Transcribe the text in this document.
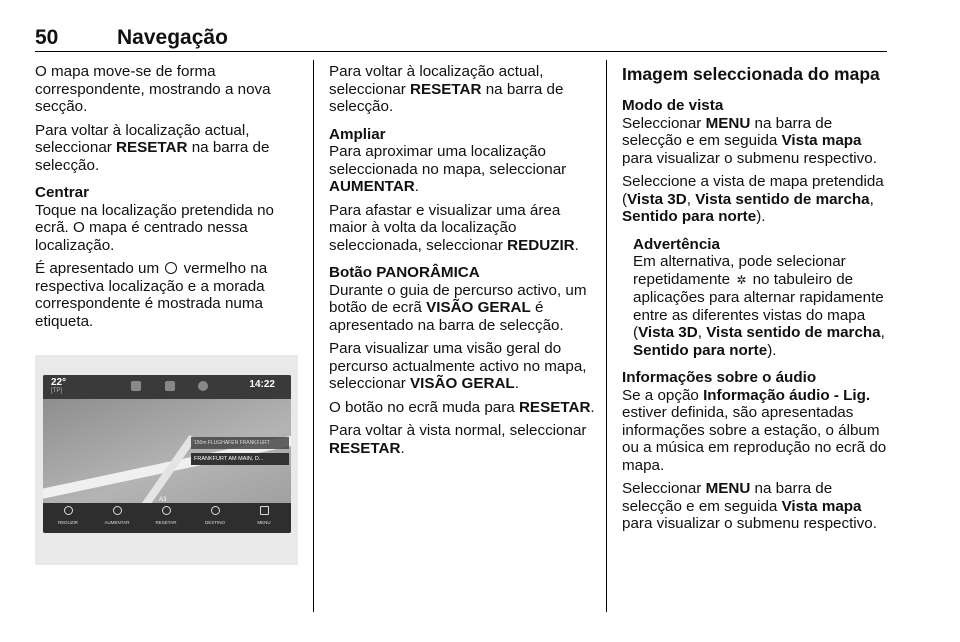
50	Navegação

O mapa move-se de forma correspondente, mostrando a nova secção.

Para voltar à localização actual, seleccionar RESETAR na barra de selecção.

Centrar
Toque na localização pretendida no ecrã. O mapa é centrado nessa localização.

É apresentado um  vermelho na respectiva localização e a morada correspondente é mostrada numa etiqueta.

22°
[TP]
14:22
150m FLUGHAFEN FRANKFURT
FRANKFURT AM MAIN, D...
A3
REDUZIR	AUMENTAR	RESETAR	DESTINO	MENU

Para voltar à localização actual, seleccionar RESETAR na barra de selecção.

Ampliar
Para aproximar uma localização seleccionada no mapa, seleccionar AUMENTAR.

Para afastar e visualizar uma área maior à volta da localização seleccionada, seleccionar REDUZIR.

Botão PANORÂMICA
Durante o guia de percurso activo, um botão de ecrã VISÃO GERAL é apresentado na barra de selecção.

Para visualizar uma visão geral do percurso actualmente activo no mapa, seleccionar VISÃO GERAL.

O botão no ecrã muda para RESETAR.

Para voltar à vista normal, seleccionar RESETAR.

Imagem seleccionada do mapa

Modo de vista
Seleccionar MENU na barra de selecção e em seguida Vista mapa para visualizar o submenu respectivo.

Seleccione a vista de mapa pretendida (Vista 3D, Vista sentido de marcha, Sentido para norte).

Advertência
Em alternativa, pode selecionar repetidamente ✲ no tabuleiro de aplicações para alternar rapidamente entre as diferentes vistas do mapa (Vista 3D, Vista sentido de marcha, Sentido para norte).

Informações sobre o áudio
Se a opção Informação áudio - Lig. estiver definida, são apresentadas informações sobre a estação, o álbum ou a música em reprodução no ecrã do mapa.

Seleccionar MENU na barra de selecção e em seguida Vista mapa para visualizar o submenu respectivo.
